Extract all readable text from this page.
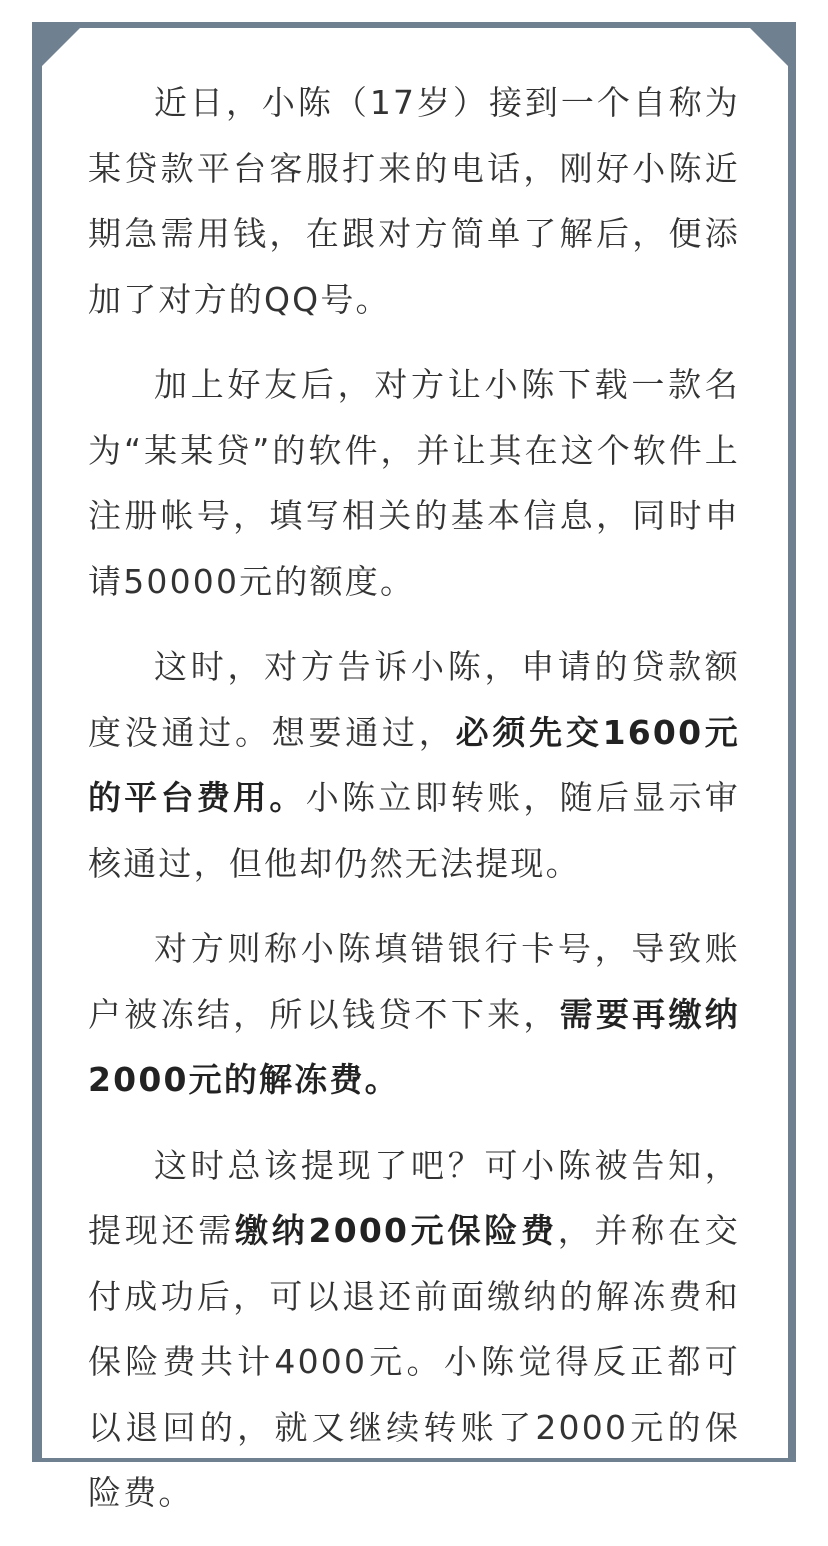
近日，小陈（17岁）接到一个自称为某贷款平台客服打来的电话，刚好小陈近期急需用钱，在跟对方简单了解后，便添加了对方的QQ号。

加上好友后，对方让小陈下载一款名为“某某贷”的软件，并让其在这个软件上注册帐号，填写相关的基本信息，同时申请50000元的额度。

这时，对方告诉小陈，申请的贷款额度没通过。想要通过，必须先交1600元的平台费用。小陈立即转账，随后显示审核通过，但他却仍然无法提现。

对方则称小陈填错银行卡号，导致账户被冻结，所以钱贷不下来，需要再缴纳2000元的解冻费。

这时总该提现了吧？可小陈被告知，提现还需缴纳2000元保险费，并称在交付成功后，可以退还前面缴纳的解冻费和保险费共计4000元。小陈觉得反正都可以退回的，就又继续转账了2000元的保险费。
